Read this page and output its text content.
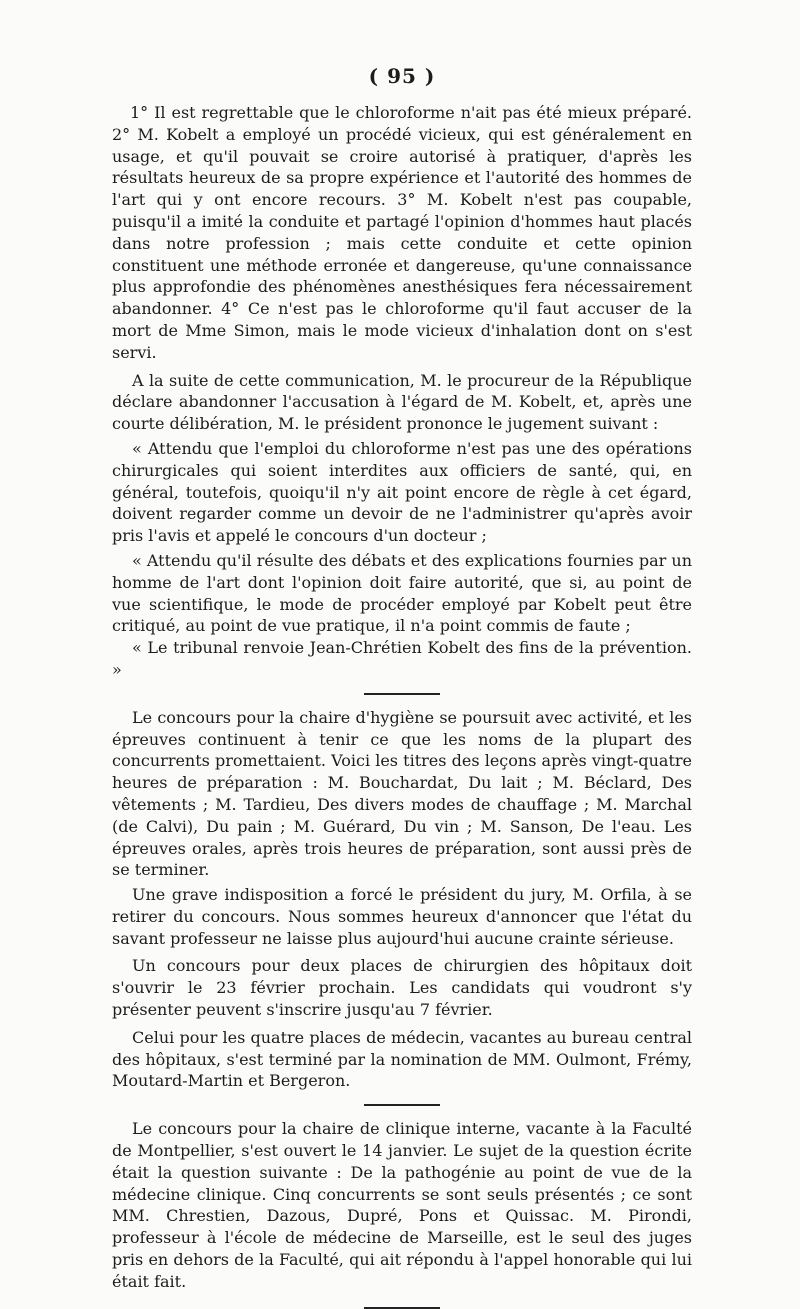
( 95 )

1° Il est regrettable que le chloroforme n'ait pas été mieux préparé. 2° M. Kobelt a employé un procédé vicieux, qui est généralement en usage, et qu'il pouvait se croire autorisé à pratiquer, d'après les résultats heureux de sa propre expérience et l'autorité des hommes de l'art qui y ont encore recours. 3° M. Kobelt n'est pas coupable, puisqu'il a imité la conduite et partagé l'opinion d'hommes haut placés dans notre profession ; mais cette conduite et cette opinion constituent une méthode erronée et dangereuse, qu'une connaissance plus approfondie des phénomènes anesthésiques fera nécessairement abandonner. 4° Ce n'est pas le chloroforme qu'il faut accuser de la mort de Mme Simon, mais le mode vicieux d'inhalation dont on s'est servi.

A la suite de cette communication, M. le procureur de la République déclare abandonner l'accusation à l'égard de M. Kobelt, et, après une courte délibération, M. le président prononce le jugement suivant :

« Attendu que l'emploi du chloroforme n'est pas une des opérations chirurgicales qui soient interdites aux officiers de santé, qui, en général, toutefois, quoiqu'il n'y ait point encore de règle à cet égard, doivent regarder comme un devoir de ne l'administrer qu'après avoir pris l'avis et appelé le concours d'un docteur ;

« Attendu qu'il résulte des débats et des explications fournies par un homme de l'art dont l'opinion doit faire autorité, que si, au point de vue scientifique, le mode de procéder employé par Kobelt peut être critiqué, au point de vue pratique, il n'a point commis de faute ;

« Le tribunal renvoie Jean-Chrétien Kobelt des fins de la prévention. »

Le concours pour la chaire d'hygiène se poursuit avec activité, et les épreuves continuent à tenir ce que les noms de la plupart des concurrents promettaient. Voici les titres des leçons après vingt-quatre heures de préparation : M. Bouchardat, Du lait ; M. Béclard, Des vêtements ; M. Tardieu, Des divers modes de chauffage ; M. Marchal (de Calvi), Du pain ; M. Guérard, Du vin ; M. Sanson, De l'eau. Les épreuves orales, après trois heures de préparation, sont aussi près de se terminer.

Une grave indisposition a forcé le président du jury, M. Orfila, à se retirer du concours. Nous sommes heureux d'annoncer que l'état du savant professeur ne laisse plus aujourd'hui aucune crainte sérieuse.

Un concours pour deux places de chirurgien des hôpitaux doit s'ouvrir le 23 février prochain. Les candidats qui voudront s'y présenter peuvent s'inscrire jusqu'au 7 février.

Celui pour les quatre places de médecin, vacantes au bureau central des hôpitaux, s'est terminé par la nomination de MM. Oulmont, Frémy, Moutard-Martin et Bergeron.

Le concours pour la chaire de clinique interne, vacante à la Faculté de Montpellier, s'est ouvert le 14 janvier. Le sujet de la question écrite était la question suivante : De la pathogénie au point de vue de la médecine clinique. Cinq concurrents se sont seuls présentés ; ce sont MM. Chrestien, Dazous, Dupré, Pons et Quissac. M. Pirondi, professeur à l'école de médecine de Marseille, est le seul des juges pris en dehors de la Faculté, qui ait répondu à l'appel honorable qui lui était fait.
